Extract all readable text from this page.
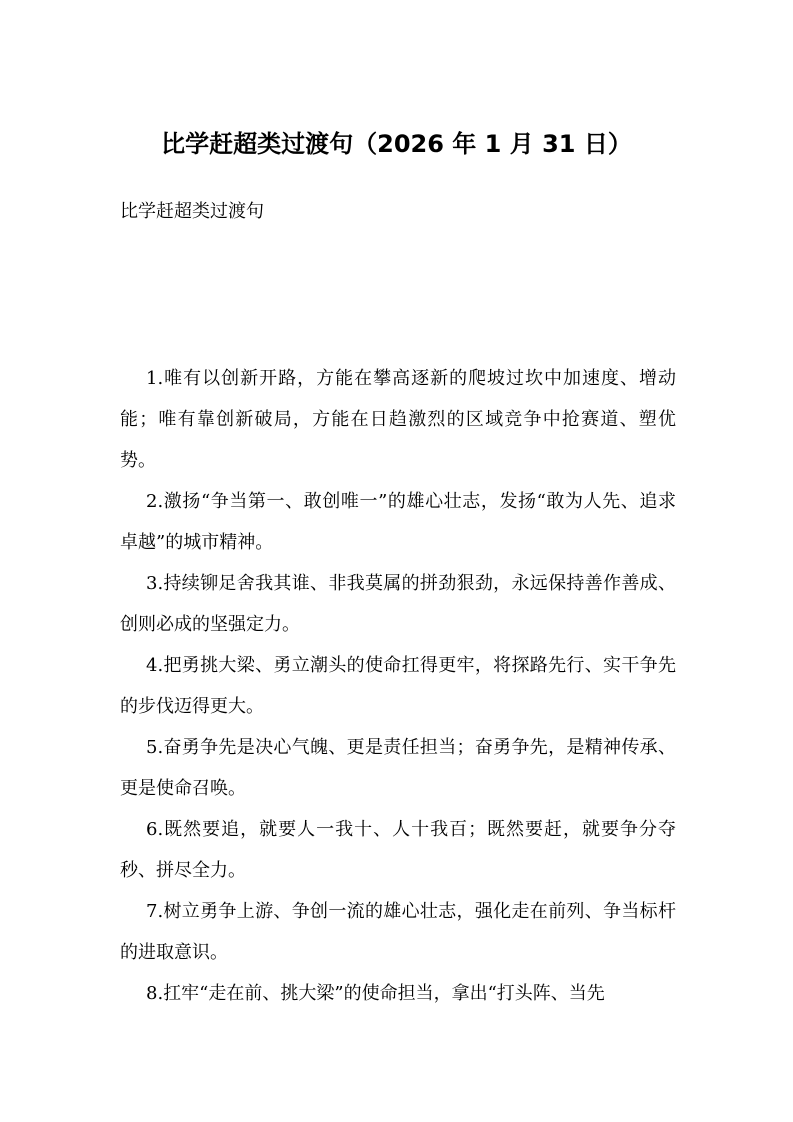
比学赶超类过渡句（2026 年 1 月 31 日）

比学赶超类过渡句

1.唯有以创新开路，方能在攀高逐新的爬坡过坎中加速度、增动能；唯有靠创新破局，方能在日趋激烈的区域竞争中抢赛道、塑优势。

2.激扬“争当第一、敢创唯一”的雄心壮志，发扬“敢为人先、追求卓越”的城市精神。

3.持续铆足舍我其谁、非我莫属的拼劲狠劲，永远保持善作善成、创则必成的坚强定力。

4.把勇挑大梁、勇立潮头的使命扛得更牢，将探路先行、实干争先的步伐迈得更大。

5.奋勇争先是决心气魄、更是责任担当；奋勇争先，是精神传承、更是使命召唤。

6.既然要追，就要人一我十、人十我百；既然要赶，就要争分夺秒、拼尽全力。

7.树立勇争上游、争创一流的雄心壮志，强化走在前列、争当标杆的进取意识。

8.扛牢“走在前、挑大梁”的使命担当，拿出“打头阵、当先
